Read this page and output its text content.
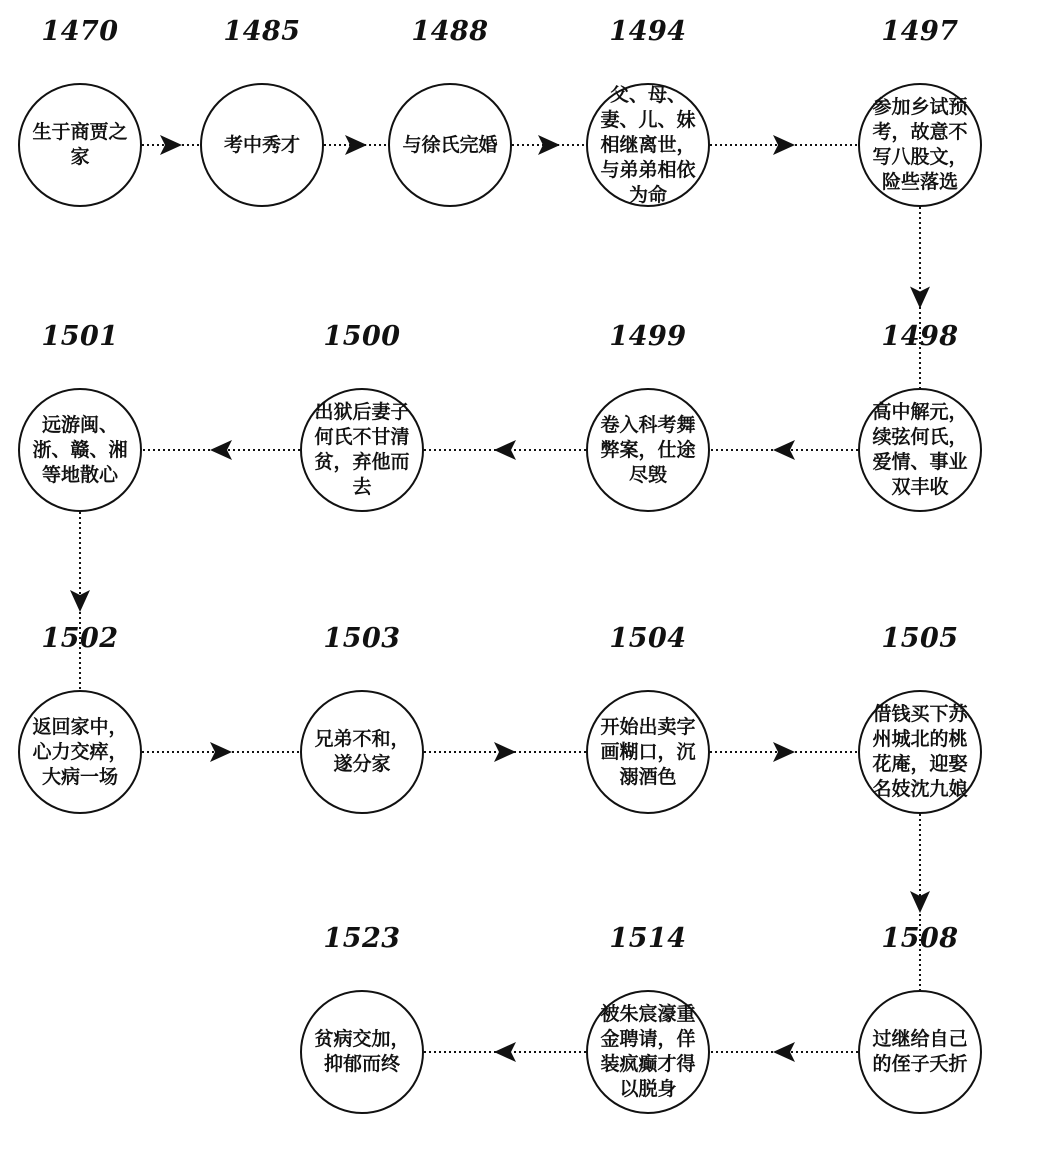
1470
生于商贾之家
1485
考中秀才
1488
与徐氏完婚
1494
父、母、妻、儿、妹相继离世，与弟弟相依为命
1497
参加乡试预考，故意不写八股文，险些落选
1498
高中解元，续弦何氏，爱情、事业双丰收
1499
卷入科考舞弊案，仕途尽毁
1500
出狱后妻子何氏不甘清贫，弃他而去
1501
远游闽、浙、赣、湘等地散心
1502
返回家中，心力交瘁，大病一场
1503
兄弟不和，遂分家
1504
开始出卖字画糊口，沉溺酒色
1505
借钱买下苏州城北的桃花庵，迎娶名妓沈九娘
1508
过继给自己的侄子夭折
1514
被朱宸濠重金聘请，佯装疯癫才得以脱身
1523
贫病交加，抑郁而终
